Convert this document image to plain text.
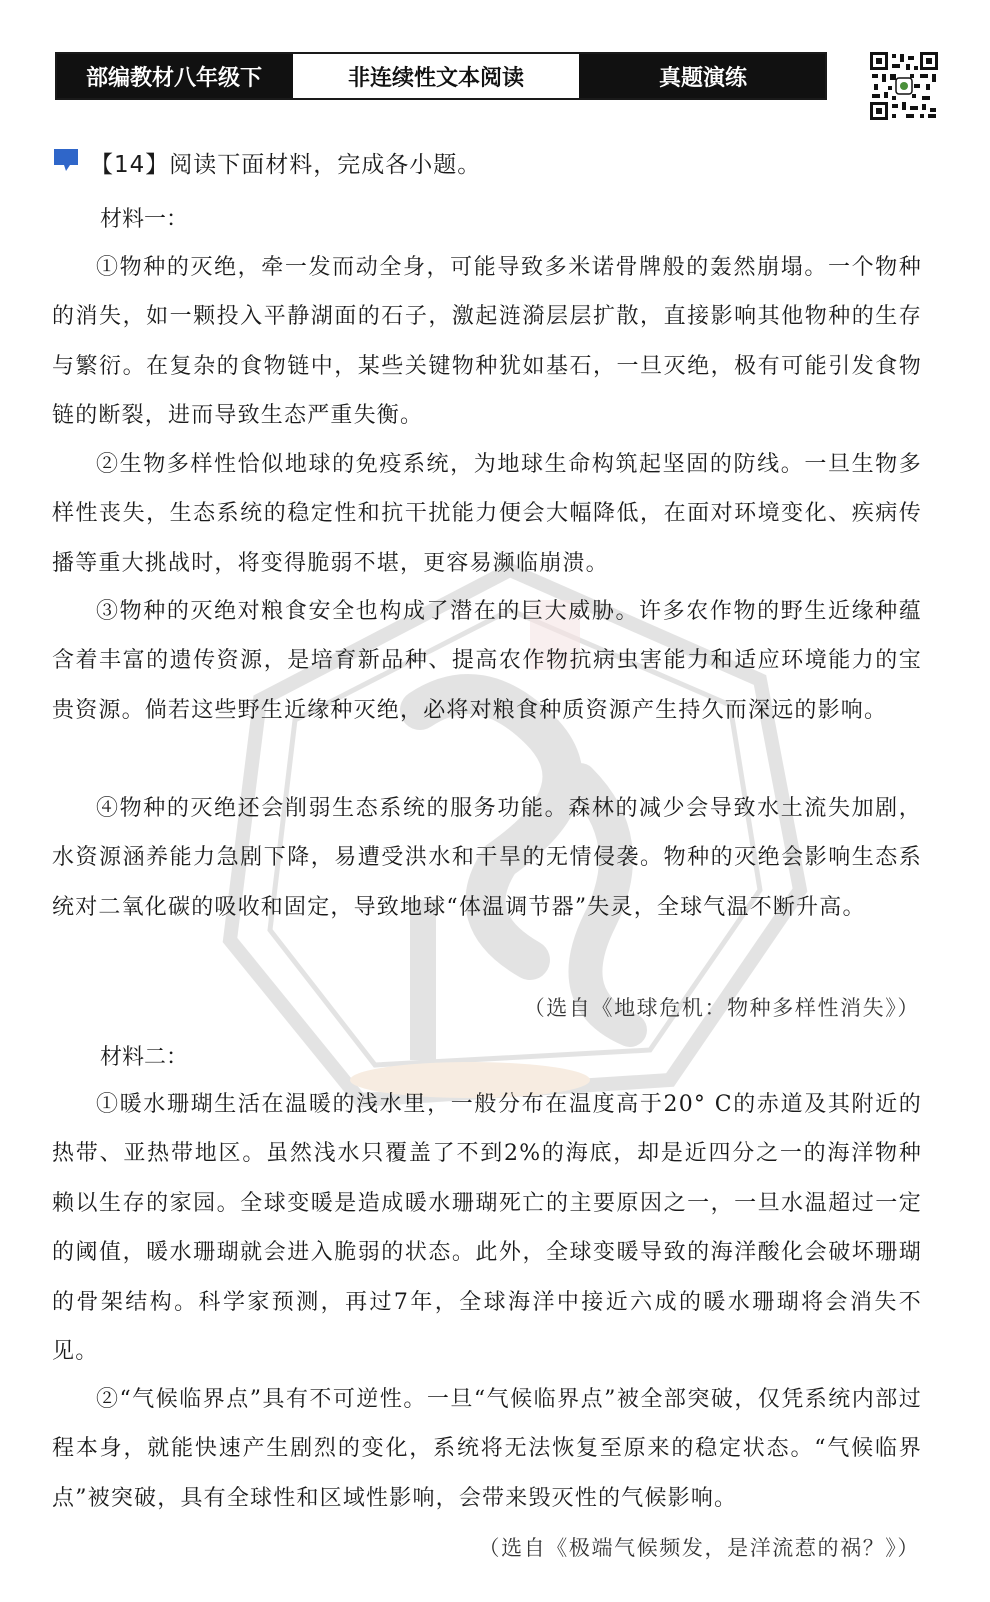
部编教材八年级下	非连续性文本阅读	真题演练
【14】阅读下面材料，完成各小题。
材料一：

①物种的灭绝，牵一发而动全身，可能导致多米诺骨牌般的轰然崩塌。一个物种的消失，如一颗投入平静湖面的石子，激起涟漪层层扩散，直接影响其他物种的生存与繁衍。在复杂的食物链中，某些关键物种犹如基石，一旦灭绝，极有可能引发食物链的断裂，进而导致生态严重失衡。

②生物多样性恰似地球的免疫系统，为地球生命构筑起坚固的防线。一旦生物多样性丧失，生态系统的稳定性和抗干扰能力便会大幅降低，在面对环境变化、疾病传播等重大挑战时，将变得脆弱不堪，更容易濒临崩溃。

③物种的灭绝对粮食安全也构成了潜在的巨大威胁。许多农作物的野生近缘种蕴含着丰富的遗传资源，是培育新品种、提高农作物抗病虫害能力和适应环境能力的宝贵资源。倘若这些野生近缘种灭绝，必将对粮食种质资源产生持久而深远的影响。

④物种的灭绝还会削弱生态系统的服务功能。森林的减少会导致水土流失加剧，水资源涵养能力急剧下降，易遭受洪水和干旱的无情侵袭。物种的灭绝会影响生态系统对二氧化碳的吸收和固定，导致地球“体温调节器”失灵，全球气温不断升高。

（选自《地球危机：物种多样性消失》）
材料二：

①暖水珊瑚生活在温暖的浅水里，一般分布在温度高于20° C的赤道及其附近的热带、亚热带地区。虽然浅水只覆盖了不到2%的海底，却是近四分之一的海洋物种赖以生存的家园。全球变暖是造成暖水珊瑚死亡的主要原因之一，一旦水温超过一定的阈值，暖水珊瑚就会进入脆弱的状态。此外，全球变暖导致的海洋酸化会破坏珊瑚的骨架结构。科学家预测，再过7年，全球海洋中接近六成的暖水珊瑚将会消失不见。

②“气候临界点”具有不可逆性。一旦“气候临界点”被全部突破，仅凭系统内部过程本身，就能快速产生剧烈的变化，系统将无法恢复至原来的稳定状态。“气候临界点”被突破，具有全球性和区域性影响，会带来毁灭性的气候影响。

（选自《极端气候频发，是洋流惹的祸？》）
